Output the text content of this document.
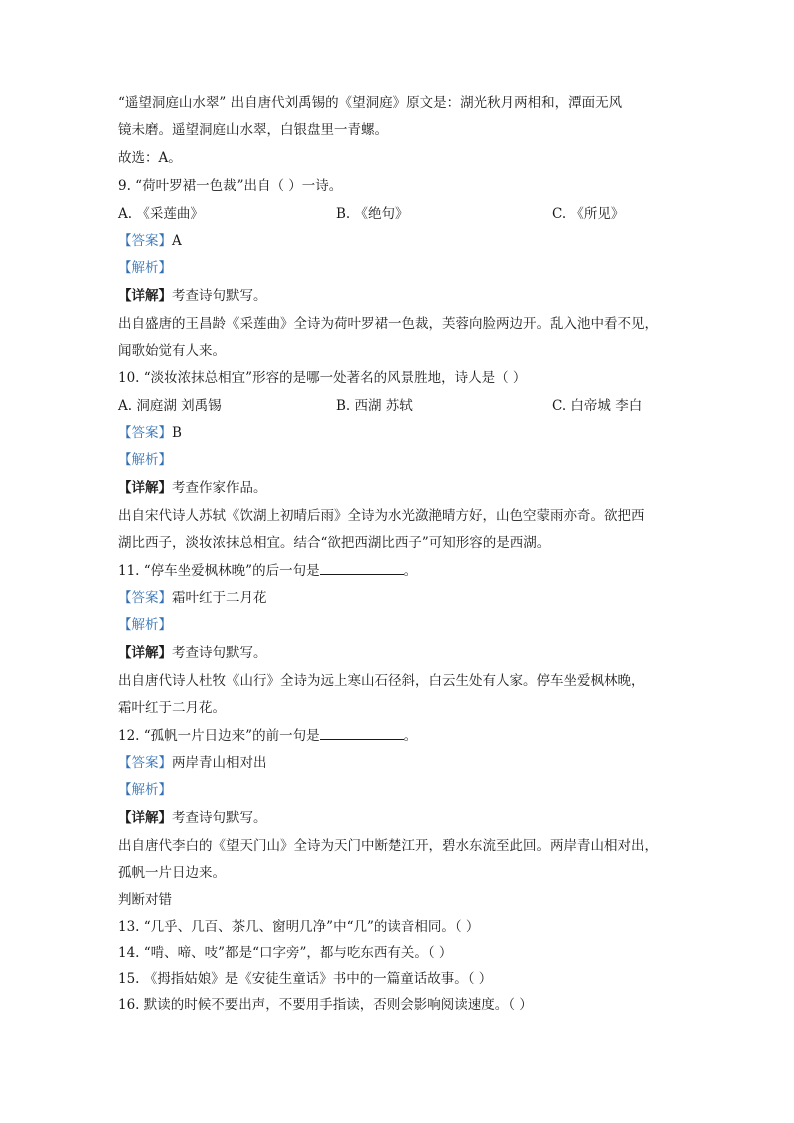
“遥望洞庭山水翠” 出自唐代刘禹锡的《望洞庭》原文是：湖光秋月两相和，潭面无风
镜未磨。遥望洞庭山水翠，白银盘里一青螺。
故选：A。
9. “荷叶罗裙一色裁”出自（ ）一诗。
A. 《采莲曲》	B. 《绝句》	C. 《所见》
【答案】A
【解析】
【详解】考查诗句默写。
出自盛唐的王昌龄《采莲曲》全诗为荷叶罗裙一色裁，芙蓉向脸两边开。乱入池中看不见，
闻歌始觉有人来。
10. “淡妆浓抹总相宜”形容的是哪一处著名的风景胜地，诗人是（ ）
A. 洞庭湖 刘禹锡	B. 西湖 苏轼	C. 白帝城 李白
【答案】B
【解析】
【详解】考查作家作品。
出自宋代诗人苏轼《饮湖上初晴后雨》全诗为水光潋滟晴方好，山色空蒙雨亦奇。欲把西
湖比西子，淡妆浓抹总相宜。结合“欲把西湖比西子”可知形容的是西湖。
11. “停车坐爱枫林晚”的后一句是	。
【答案】霜叶红于二月花
【解析】
【详解】考查诗句默写。
出自唐代诗人杜牧《山行》全诗为远上寒山石径斜，白云生处有人家。停车坐爱枫林晚，
霜叶红于二月花。
12. “孤帆一片日边来”的前一句是	。
【答案】两岸青山相对出
【解析】
【详解】考查诗句默写。
出自唐代李白的《望天门山》全诗为天门中断楚江开，碧水东流至此回。两岸青山相对出，
孤帆一片日边来。
判断对错
13. “几乎、几百、茶几、窗明几净”中“几”的读音相同。（ ）
14. “啃、啼、吱”都是“口字旁”，都与吃东西有关。（ ）
15. 《拇指姑娘》是《安徒生童话》书中的一篇童话故事。（ ）
16. 默读的时候不要出声，不要用手指读，否则会影响阅读速度。（ ）
